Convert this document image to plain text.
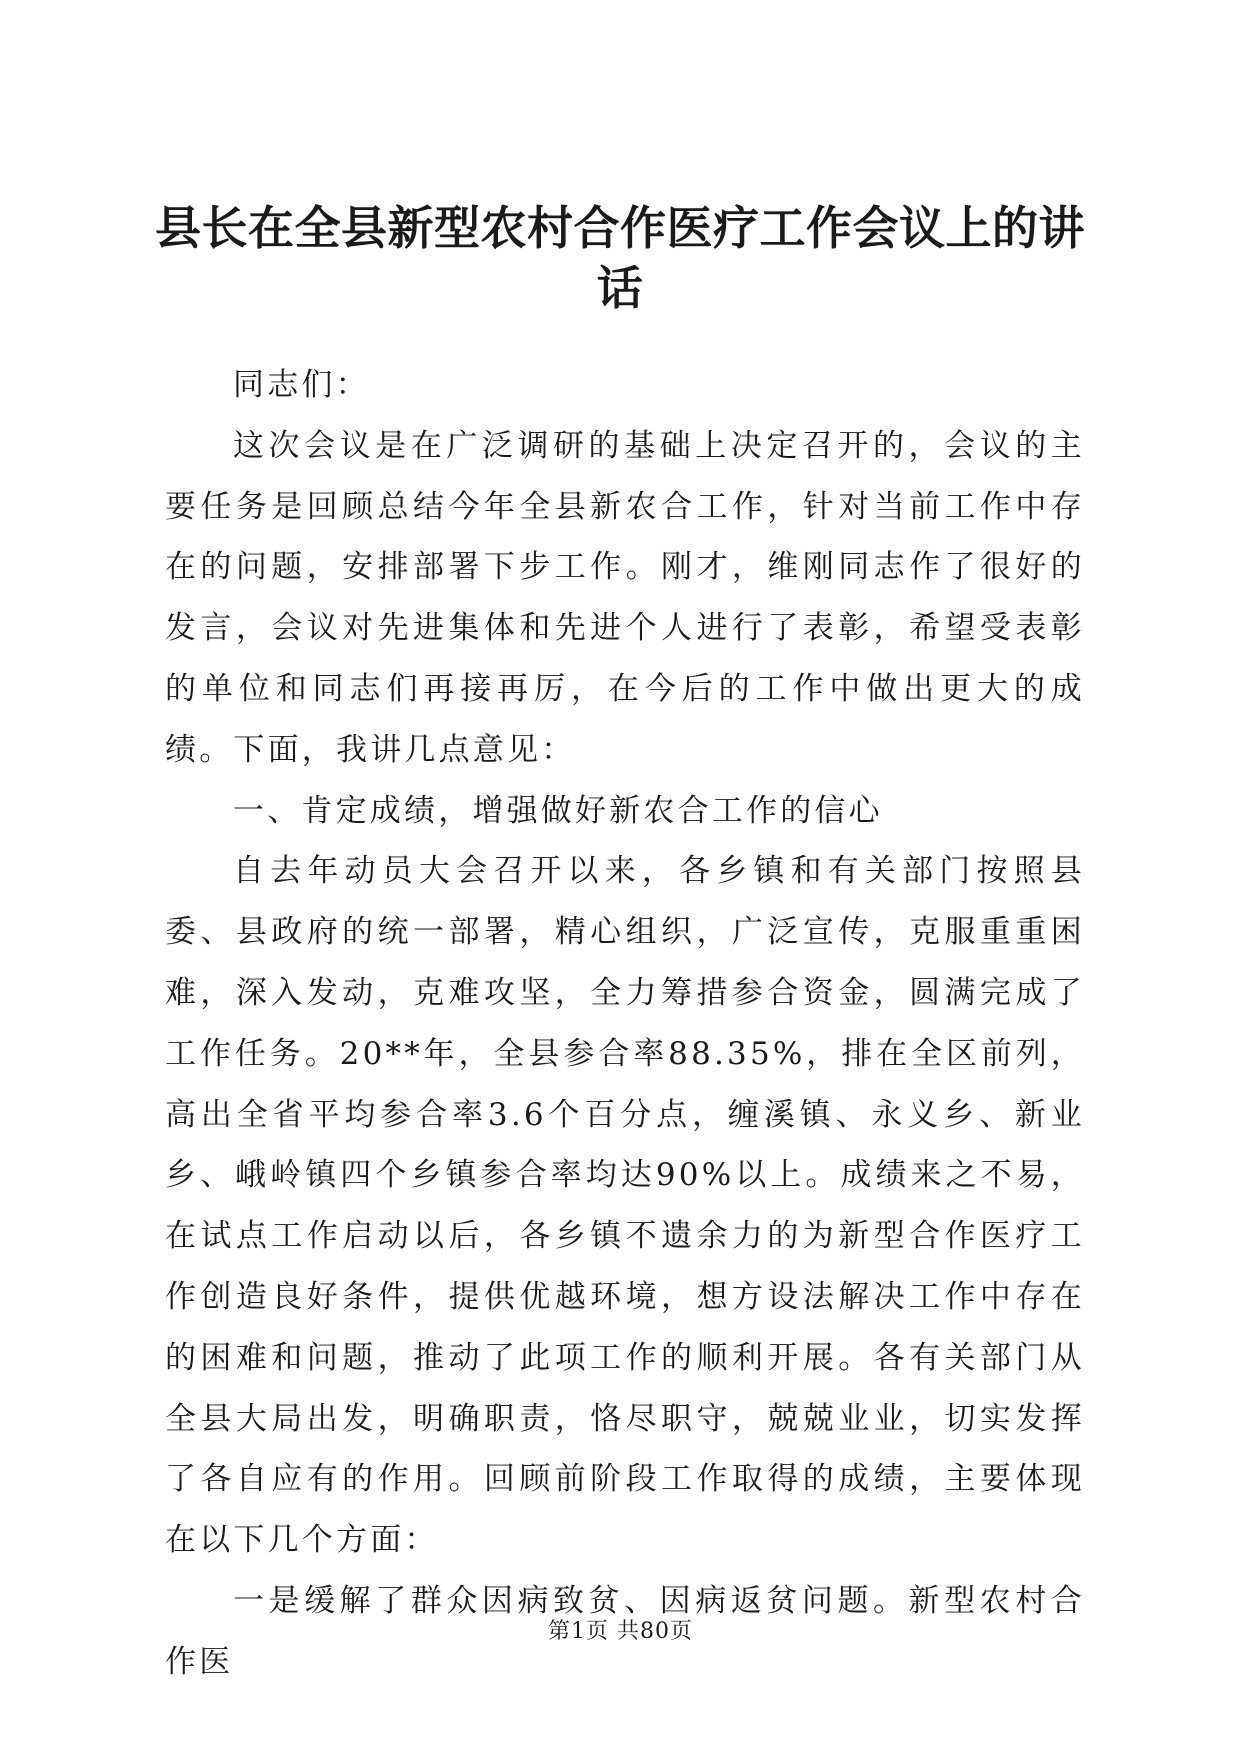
县长在全县新型农村合作医疗工作会议上的讲话

同志们：

这次会议是在广泛调研的基础上决定召开的，会议的主要任务是回顾总结今年全县新农合工作，针对当前工作中存在的问题，安排部署下步工作。刚才，维刚同志作了很好的发言，会议对先进集体和先进个人进行了表彰，希望受表彰的单位和同志们再接再厉，在今后的工作中做出更大的成绩。下面，我讲几点意见：

一、肯定成绩，增强做好新农合工作的信心

自去年动员大会召开以来，各乡镇和有关部门按照县委、县政府的统一部署，精心组织，广泛宣传，克服重重困难，深入发动，克难攻坚，全力筹措参合资金，圆满完成了工作任务。20**年，全县参合率88.35%，排在全区前列，高出全省平均参合率3.6个百分点，缠溪镇、永义乡、新业乡、峨岭镇四个乡镇参合率均达90%以上。成绩来之不易，在试点工作启动以后，各乡镇不遗余力的为新型合作医疗工作创造良好条件，提供优越环境，想方设法解决工作中存在的困难和问题，推动了此项工作的顺利开展。各有关部门从全县大局出发，明确职责，恪尽职守，兢兢业业，切实发挥了各自应有的作用。回顾前阶段工作取得的成绩，主要体现在以下几个方面：

一是缓解了群众因病致贫、因病返贫问题。新型农村合作医

第1页 共80页
